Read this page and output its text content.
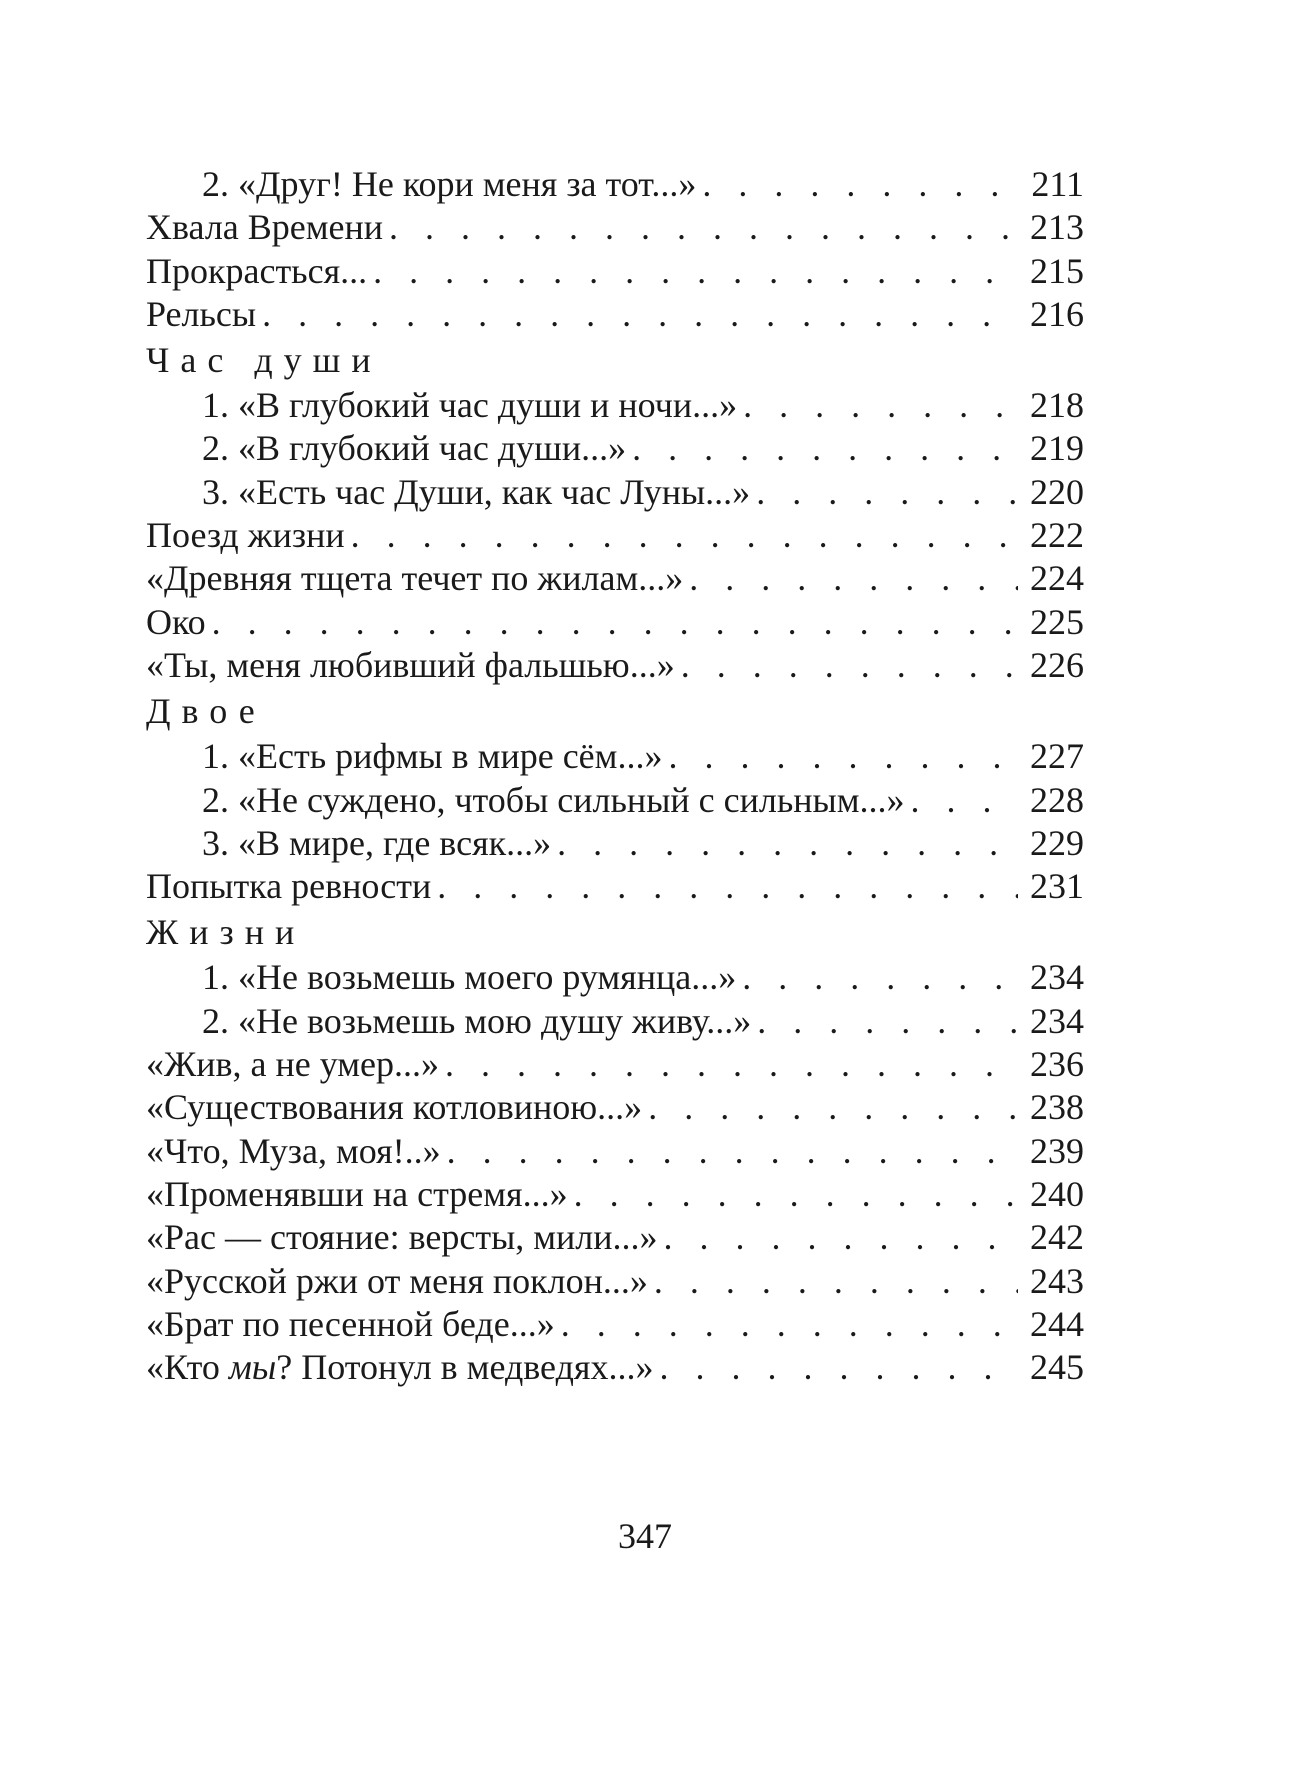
2. «Друг! Не кори меня за тот...» . . .	211
Хвала Времени . . .	213
Прокрасться... . . .	215
Рельсы . . .	216
Час души
1. «В глубокий час души и ночи...» . . .	218
2. «В глубокий час души...» . . .	219
3. «Есть час Души, как час Луны...» . . .	220
Поезд жизни . . .	222
«Древняя тщета течет по жилам...» . . .	224
Око . . .	225
«Ты, меня любивший фальшью...» . . .	226
Двое
1. «Есть рифмы в мире сём...» . . .	227
2. «Не суждено, чтобы сильный с сильным...» . . .	228
3. «В мире, где всяк...» . . .	229
Попытка ревности . . .	231
Жизни
1. «Не возьмешь моего румянца...» . . .	234
2. «Не возьмешь мою душу живу...» . . .	234
«Жив, а не умер...» . . .	236
«Существования котловиною...» . . .	238
«Что, Муза, моя!..» . . .	239
«Променявши на стремя...» . . .	240
«Рас — стояние: версты, мили...» . . .	242
«Русской ржи от меня поклон...» . . .	243
«Брат по песенной беде...» . . .	244
«Кто мы? Потонул в медведях...» . . .	245
347
